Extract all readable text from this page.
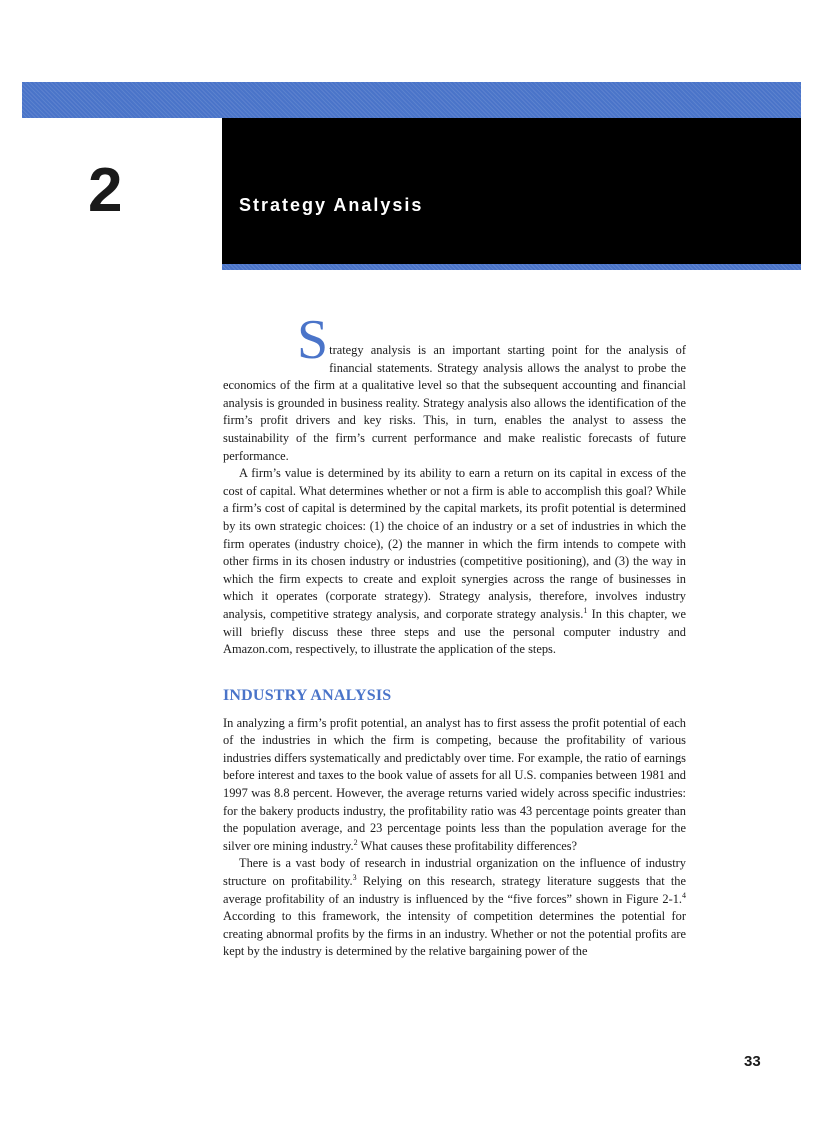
2	Strategy Analysis

S trategy analysis is an important starting point for the analysis of financial statements. Strategy analysis allows the analyst to probe the economics of the firm at a qualitative level so that the subsequent accounting and financial analysis is grounded in business reality. Strategy analysis also allows the identification of the firm’s profit drivers and key risks. This, in turn, enables the analyst to assess the sustainability of the firm’s current performance and make realistic forecasts of future performance.

A firm’s value is determined by its ability to earn a return on its capital in excess of the cost of capital. What determines whether or not a firm is able to accomplish this goal? While a firm’s cost of capital is determined by the capital markets, its profit potential is determined by its own strategic choices: (1) the choice of an industry or a set of industries in which the firm operates (industry choice), (2) the manner in which the firm intends to compete with other firms in its chosen industry or industries (competitive positioning), and (3) the way in which the firm expects to create and exploit synergies across the range of businesses in which it operates (corporate strategy). Strategy analysis, therefore, involves industry analysis, competitive strategy analysis, and corporate strategy analysis.$^1$ In this chapter, we will briefly discuss these three steps and use the personal computer industry and Amazon.com, respectively, to illustrate the application of the steps.

INDUSTRY ANALYSIS

In analyzing a firm’s profit potential, an analyst has to first assess the profit potential of each of the industries in which the firm is competing, because the profitability of various industries differs systematically and predictably over time. For example, the ratio of earnings before interest and taxes to the book value of assets for all U.S. companies between 1981 and 1997 was 8.8 percent. However, the average returns varied widely across specific industries: for the bakery products industry, the profitability ratio was 43 percentage points greater than the population average, and 23 percentage points less than the population average for the silver ore mining industry.$^2$ What causes these profitability differences?

There is a vast body of research in industrial organization on the influence of industry structure on profitability.$^3$ Relying on this research, strategy literature suggests that the average profitability of an industry is influenced by the “five forces” shown in Figure 2-1.$^4$ According to this framework, the intensity of competition determines the potential for creating abnormal profits by the firms in an industry. Whether or not the potential profits are kept by the industry is determined by the relative bargaining power of the

33
